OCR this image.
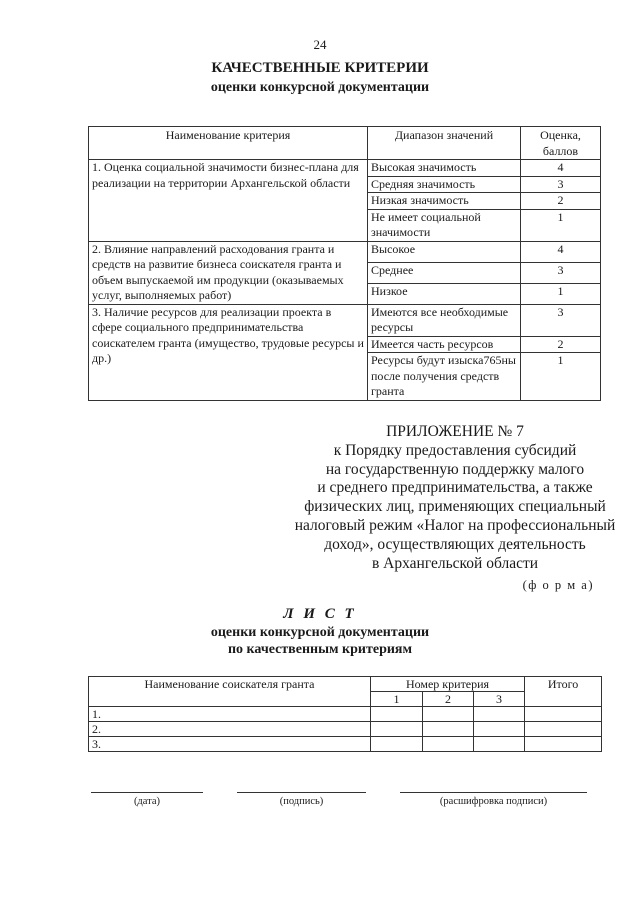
24
КАЧЕСТВЕННЫЕ КРИТЕРИИ
оценки конкурсной документации
Наименование критерия	Диапазон значений	Оценка, баллов
1. Оценка социальной значимости бизнес-плана для реализации на территории Архангельской области	Высокая значимость	4
	Средняя значимость	3
	Низкая значимость	2
	Не имеет социальной значимости	1
2. Влияние направлений расходования гранта и средств на развитие бизнеса соискателя гранта и объем выпускаемой им продукции (оказываемых услуг, выполняемых работ)	Высокое	4
	Среднее	3
	Низкое	1
3. Наличие ресурсов для реализации проекта в сфере социального предпринимательства соискателем гранта (имущество, трудовые ресурсы и др.)	Имеются все необходимые ресурсы	3
	Имеется часть ресурсов	2
	Ресурсы будут изыска765ны после получения средств гранта	1
ПРИЛОЖЕНИЕ № 7
к Порядку предоставления субсидий
на государственную поддержку малого
и среднего предпринимательства, а также
физических лиц, применяющих специальный
налоговый режим «Налог на профессиональный
доход», осуществляющих деятельность
в Архангельской области
(ф о р м а)
Л И С Т
оценки конкурсной документации
по качественным критериям
Наименование соискателя гранта	Номер критерия			Итого
	1	2	3	
1.				
2.				
3.				
(дата)	(подпись)	(расшифровка подписи)
